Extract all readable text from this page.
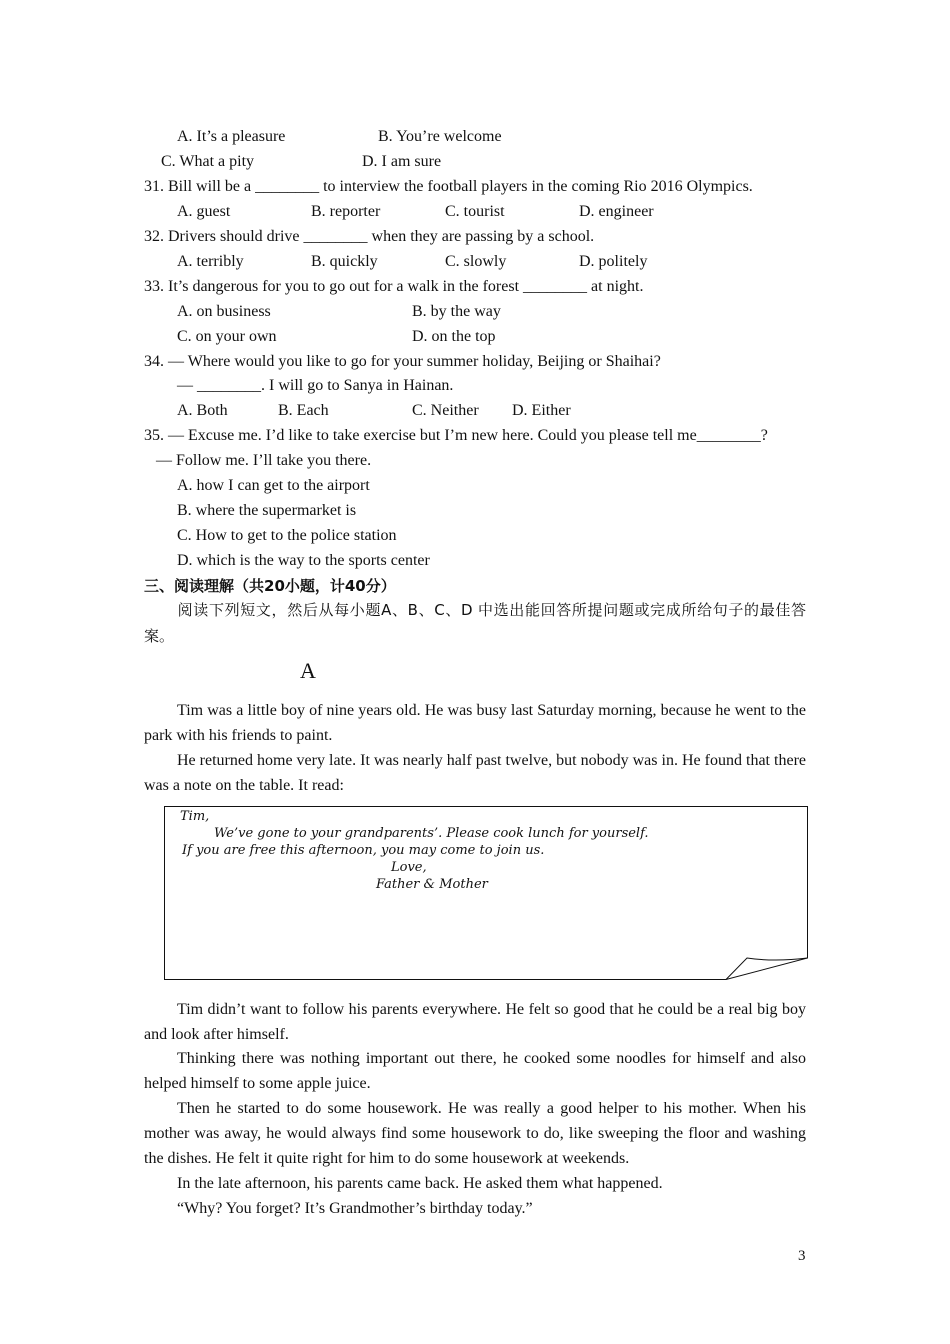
A. It’s a pleasure	B. You’re welcome
C. What a pity	D. I am sure
31. Bill will be a ________ to interview the football players in the coming Rio 2016 Olympics.
A. guest	B. reporter	C. tourist	D. engineer
32. Drivers should drive ________ when they are passing by a school.
A. terribly	B. quickly	C. slowly	D. politely
33. It’s dangerous for you to go out for a walk in the forest ________ at night.
A. on business	B. by the way
C. on your own	D. on the top
34. — Where would you like to go for your summer holiday, Beijing or Shaihai?
— ________. I will go to Sanya in Hainan.
A. Both	B. Each	C. Neither D. Either
35. — Excuse me. I’d like to take exercise but I’m new here. Could you please tell me________?
— Follow me. I’ll take you there.
A. how I can get to the airport
B. where the supermarket is
C. How to get to the police station
D. which is the way to the sports center
三、阅读理解（共20小题，计40分）
阅读下列短文，然后从每小题A、B、C、D 中选出能回答所提问题或完成所给句子的最佳答案。
A
Tim was a little boy of nine years old. He was busy last Saturday morning, because he went to the park with his friends to paint.
He returned home very late. It was nearly half past twelve, but nobody was in. He found that there was a note on the table. It read:
Tim,
We’ve gone to your grandparents’. Please cook lunch for yourself.
If you are free this afternoon, you may come to join us.
Love,
Father & Mother
Tim didn’t want to follow his parents everywhere. He felt so good that he could be a real big boy and look after himself.
Thinking there was nothing important out there, he cooked some noodles for himself and also helped himself to some apple juice.
Then he started to do some housework. He was really a good helper to his mother. When his mother was away, he would always find some housework to do, like sweeping the floor and washing the dishes. He felt it quite right for him to do some housework at weekends.
In the late afternoon, his parents came back. He asked them what happened.
“Why? You forget? It’s Grandmother’s birthday today.”
3
